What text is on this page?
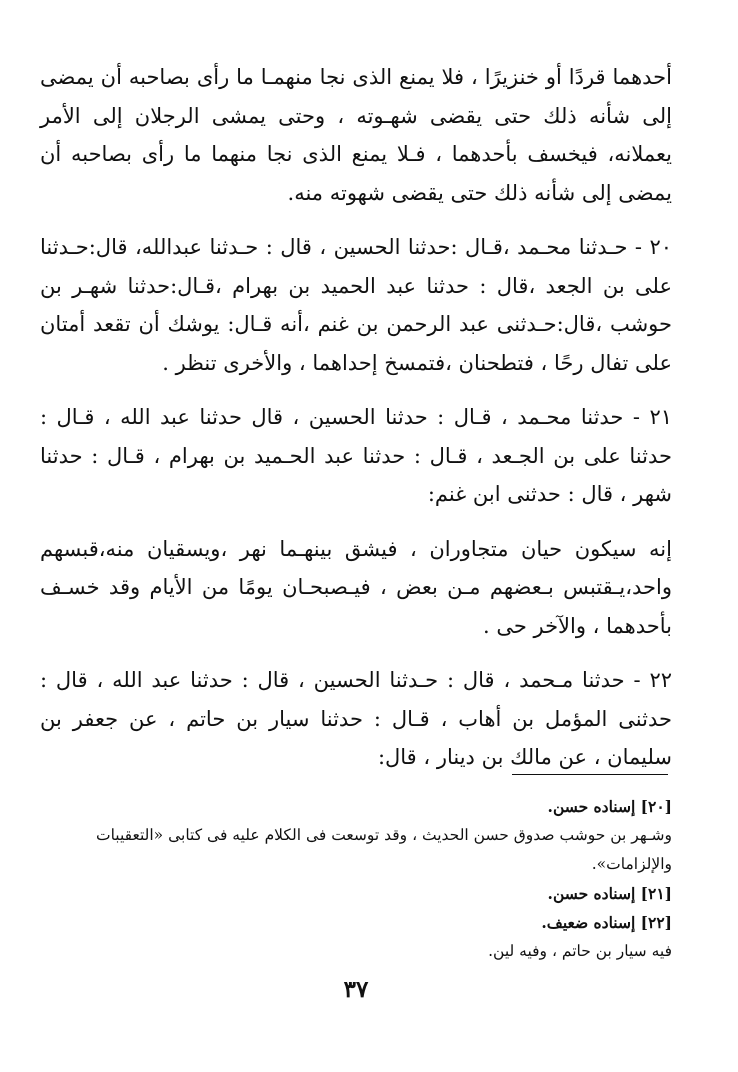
أحدهما قردًا أو خنزيرًا ، فلا يمنع الذى نجا منهمـا ما رأى بصاحبه أن يمضى إلى شأنه ذلك حتى يقضى شهـوته ، وحتى يمشى الرجلان إلى الأمر يعملانه، فيخسف بأحدهما ، فـلا يمنع الذى نجا منهما ما رأى بصاحبه أن يمضى إلى شأنه ذلك حتى يقضى شهوته منه.

٢٠ - حـدثنا محـمد ،قـال :حدثنا الحسين ، قال : حـدثنا عبدالله، قال:حـدثنا على بن الجعد ،قال : حدثنا عبد الحميد بن بهرام ،قـال:حدثنا شهـر بن حوشب ،قال:حـدثنى عبد الرحمن بن غنم ،أنه قـال: يوشك أن تقعد أمتان على تفال رحًا ، فتطحنان ،فتمسخ إحداهما ، والأخرى تنظر .

٢١ - حدثنا محـمد ، قـال : حدثنا الحسين ، قال حدثنا عبد الله ، قـال : حدثنا على بن الجـعد ، قـال : حدثنا عبد الحـميد بن بهرام ، قـال : حدثنا شهر ، قال : حدثنى ابن غنم:

إنه سيكون حيان متجاوران ، فيشق بينهـما نهر ،ويسقيان منه،قبسهم واحد،يـقتبس بـعضهم مـن بعض ، فيـصبحـان يومًا من الأيام وقد خسـف بأحدهما ، والآخر حى .

٢٢ - حدثنا مـحمد ، قال : حـدثنا الحسين ، قال : حدثنا عبد الله ، قال : حدثنى المؤمل بن أهاب ، قـال : حدثنا سيار بن حاتم ، عن جعفر بن سليمان ، عن مالك بن دينار ، قال:

[٢٠] إسناده حسن.

وشـهر بن حوشب صدوق حسن الحديث ، وقد توسعت فى الكلام عليه فى كتابى «التعقيبات والإلزامات».

[٢١] إسناده حسن.

[٢٢] إسناده ضعيف.

فيه سيار بن حاتم ، وفيه لين.

٣٧
